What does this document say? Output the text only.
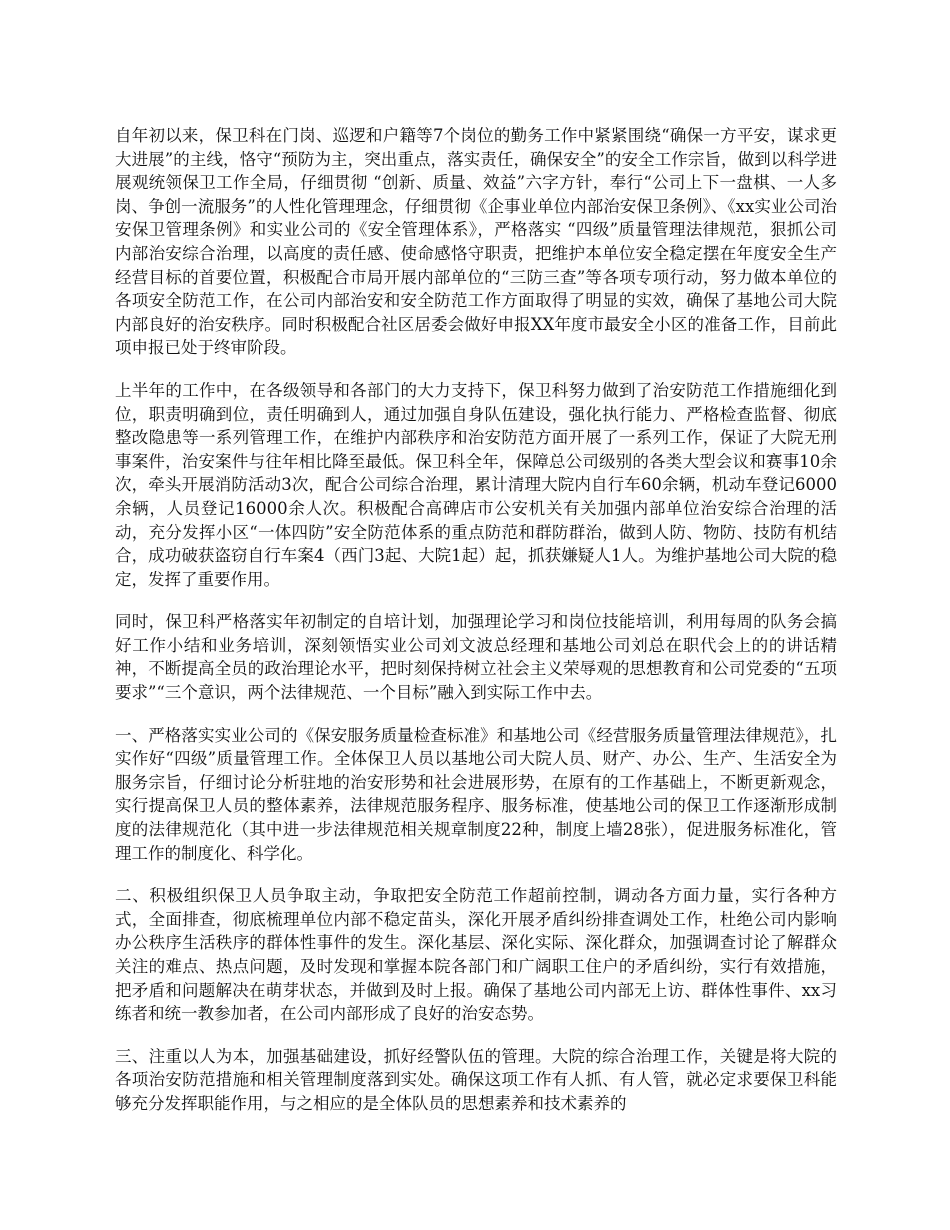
自年初以来，保卫科在门岗、巡逻和户籍等7个岗位的勤务工作中紧紧围绕“确保一方平安，谋求更大进展”的主线，恪守“预防为主，突出重点，落实责任，确保安全”的安全工作宗旨，做到以科学进展观统领保卫工作全局，仔细贯彻 “创新、质量、效益”六字方针，奉行“公司上下一盘棋、一人多岗、争创一流服务”的人性化管理理念，仔细贯彻《企事业单位内部治安保卫条例》、《xx实业公司治安保卫管理条例》和实业公司的《安全管理体系》，严格落实 “四级”质量管理法律规范，狠抓公司内部治安综合治理，以高度的责任感、使命感恪守职责，把维护本单位安全稳定摆在年度安全生产经营目标的首要位置，积极配合市局开展内部单位的“三防三查”等各项专项行动，努力做本单位的各项安全防范工作，在公司内部治安和安全防范工作方面取得了明显的实效，确保了基地公司大院内部良好的治安秩序。同时积极配合社区居委会做好申报XX年度市最安全小区的准备工作，目前此项申报已处于终审阶段。

上半年的工作中，在各级领导和各部门的大力支持下，保卫科努力做到了治安防范工作措施细化到位，职责明确到位，责任明确到人，通过加强自身队伍建设，强化执行能力、严格检查监督、彻底整改隐患等一系列管理工作，在维护内部秩序和治安防范方面开展了一系列工作，保证了大院无刑事案件，治安案件与往年相比降至最低。保卫科全年，保障总公司级别的各类大型会议和赛事10余次，牵头开展消防活动3次，配合公司综合治理，累计清理大院内自行车60余辆，机动车登记6000余辆，人员登记16000余人次。积极配合高碑店市公安机关有关加强内部单位治安综合治理的活动，充分发挥小区“一体四防”安全防范体系的重点防范和群防群治，做到人防、物防、技防有机结合，成功破获盗窃自行车案4（西门3起、大院1起）起，抓获嫌疑人1人。为维护基地公司大院的稳定，发挥了重要作用。

同时，保卫科严格落实年初制定的自培计划，加强理论学习和岗位技能培训，利用每周的队务会搞好工作小结和业务培训，深刻领悟实业公司刘文波总经理和基地公司刘总在职代会上的的讲话精神，不断提高全员的政治理论水平，把时刻保持树立社会主义荣辱观的思想教育和公司党委的“五项要求”“三个意识，两个法律规范、一个目标”融入到实际工作中去。

一、严格落实实业公司的《保安服务质量检查标准》和基地公司《经营服务质量管理法律规范》，扎实作好“四级”质量管理工作。全体保卫人员以基地公司大院人员、财产、办公、生产、生活安全为服务宗旨，仔细讨论分析驻地的治安形势和社会进展形势，在原有的工作基础上，不断更新观念，实行提高保卫人员的整体素养，法律规范服务程序、服务标准，使基地公司的保卫工作逐渐形成制度的法律规范化（其中进一步法律规范相关规章制度22种，制度上墙28张），促进服务标准化，管理工作的制度化、科学化。

二、积极组织保卫人员争取主动，争取把安全防范工作超前控制，调动各方面力量，实行各种方式，全面排查，彻底梳理单位内部不稳定苗头，深化开展矛盾纠纷排查调处工作，杜绝公司内影响办公秩序生活秩序的群体性事件的发生。深化基层、深化实际、深化群众，加强调查讨论了解群众关注的难点、热点问题，及时发现和掌握本院各部门和广阔职工住户的矛盾纠纷，实行有效措施，把矛盾和问题解决在萌芽状态，并做到及时上报。确保了基地公司内部无上访、群体性事件、xx习练者和统一教参加者，在公司内部形成了良好的治安态势。

三、注重以人为本，加强基础建设，抓好经警队伍的管理。大院的综合治理工作，关键是将大院的各项治安防范措施和相关管理制度落到实处。确保这项工作有人抓、有人管，就必定求要保卫科能够充分发挥职能作用，与之相应的是全体队员的思想素养和技术素养的
